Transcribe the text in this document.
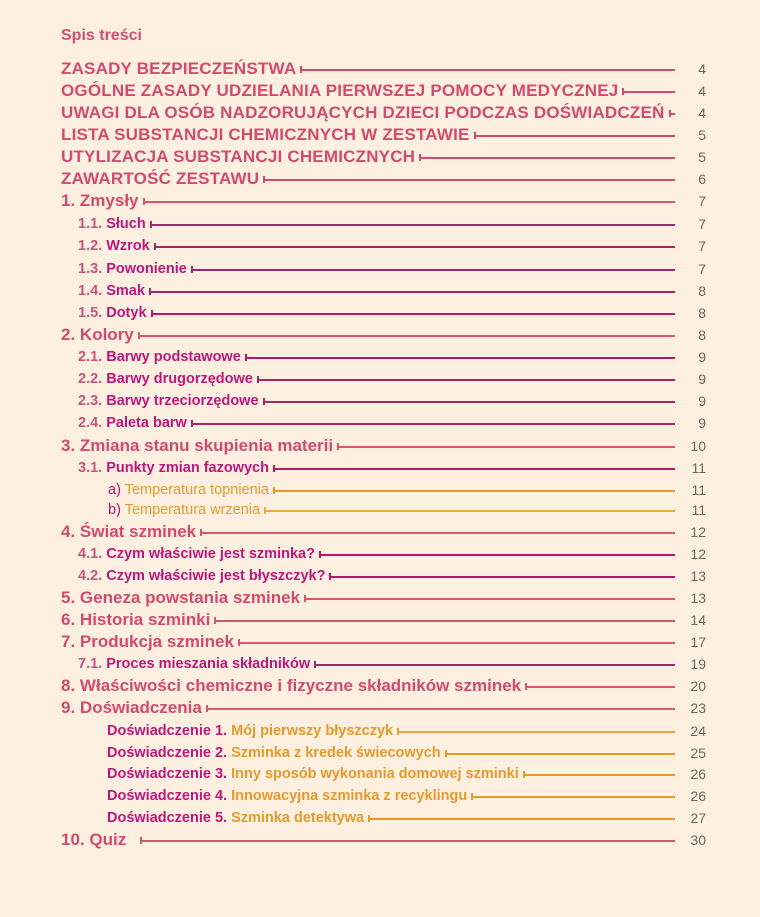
Spis treści
ZASADY BEZPIECZEŃSTWA	4
OGÓLNE ZASADY UDZIELANIA PIERWSZEJ POMOCY MEDYCZNEJ	4
UWAGI DLA OSÓB NADZORUJĄCYCH DZIECI PODCZAS DOŚWIADCZEŃ	4
LISTA SUBSTANCJI CHEMICZNYCH W ZESTAWIE	5
UTYLIZACJA SUBSTANCJI CHEMICZNYCH	5
ZAWARTOŚĆ ZESTAWU	6
1. Zmysły	7
1.1. Słuch	7
1.2. Wzrok	7
1.3. Powonienie	7
1.4. Smak	8
1.5. Dotyk	8
2. Kolory	8
2.1. Barwy podstawowe	9
2.2. Barwy drugorzędowe	9
2.3. Barwy trzeciorzędowe	9
2.4. Paleta barw	9
3. Zmiana stanu skupienia materii	10
3.1. Punkty zmian fazowych	11
a) Temperatura topnienia	11
b) Temperatura wrzenia	11
4. Świat szminek	12
4.1. Czym właściwie jest szminka?	12
4.2. Czym właściwie jest błyszczyk?	13
5. Geneza powstania szminek	13
6. Historia szminki	14
7. Produkcja szminek	17
7.1. Proces mieszania składników	19
8. Właściwości chemiczne i fizyczne składników szminek	20
9. Doświadczenia	23
Doświadczenie 1. Mój pierwszy błyszczyk	24
Doświadczenie 2. Szminka z kredek świecowych	25
Doświadczenie 3. Inny sposób wykonania domowej szminki	26
Doświadczenie 4. Innowacyjna szminka z recyklingu	26
Doświadczenie 5. Szminka detektywa	27
10. Quiz	30
